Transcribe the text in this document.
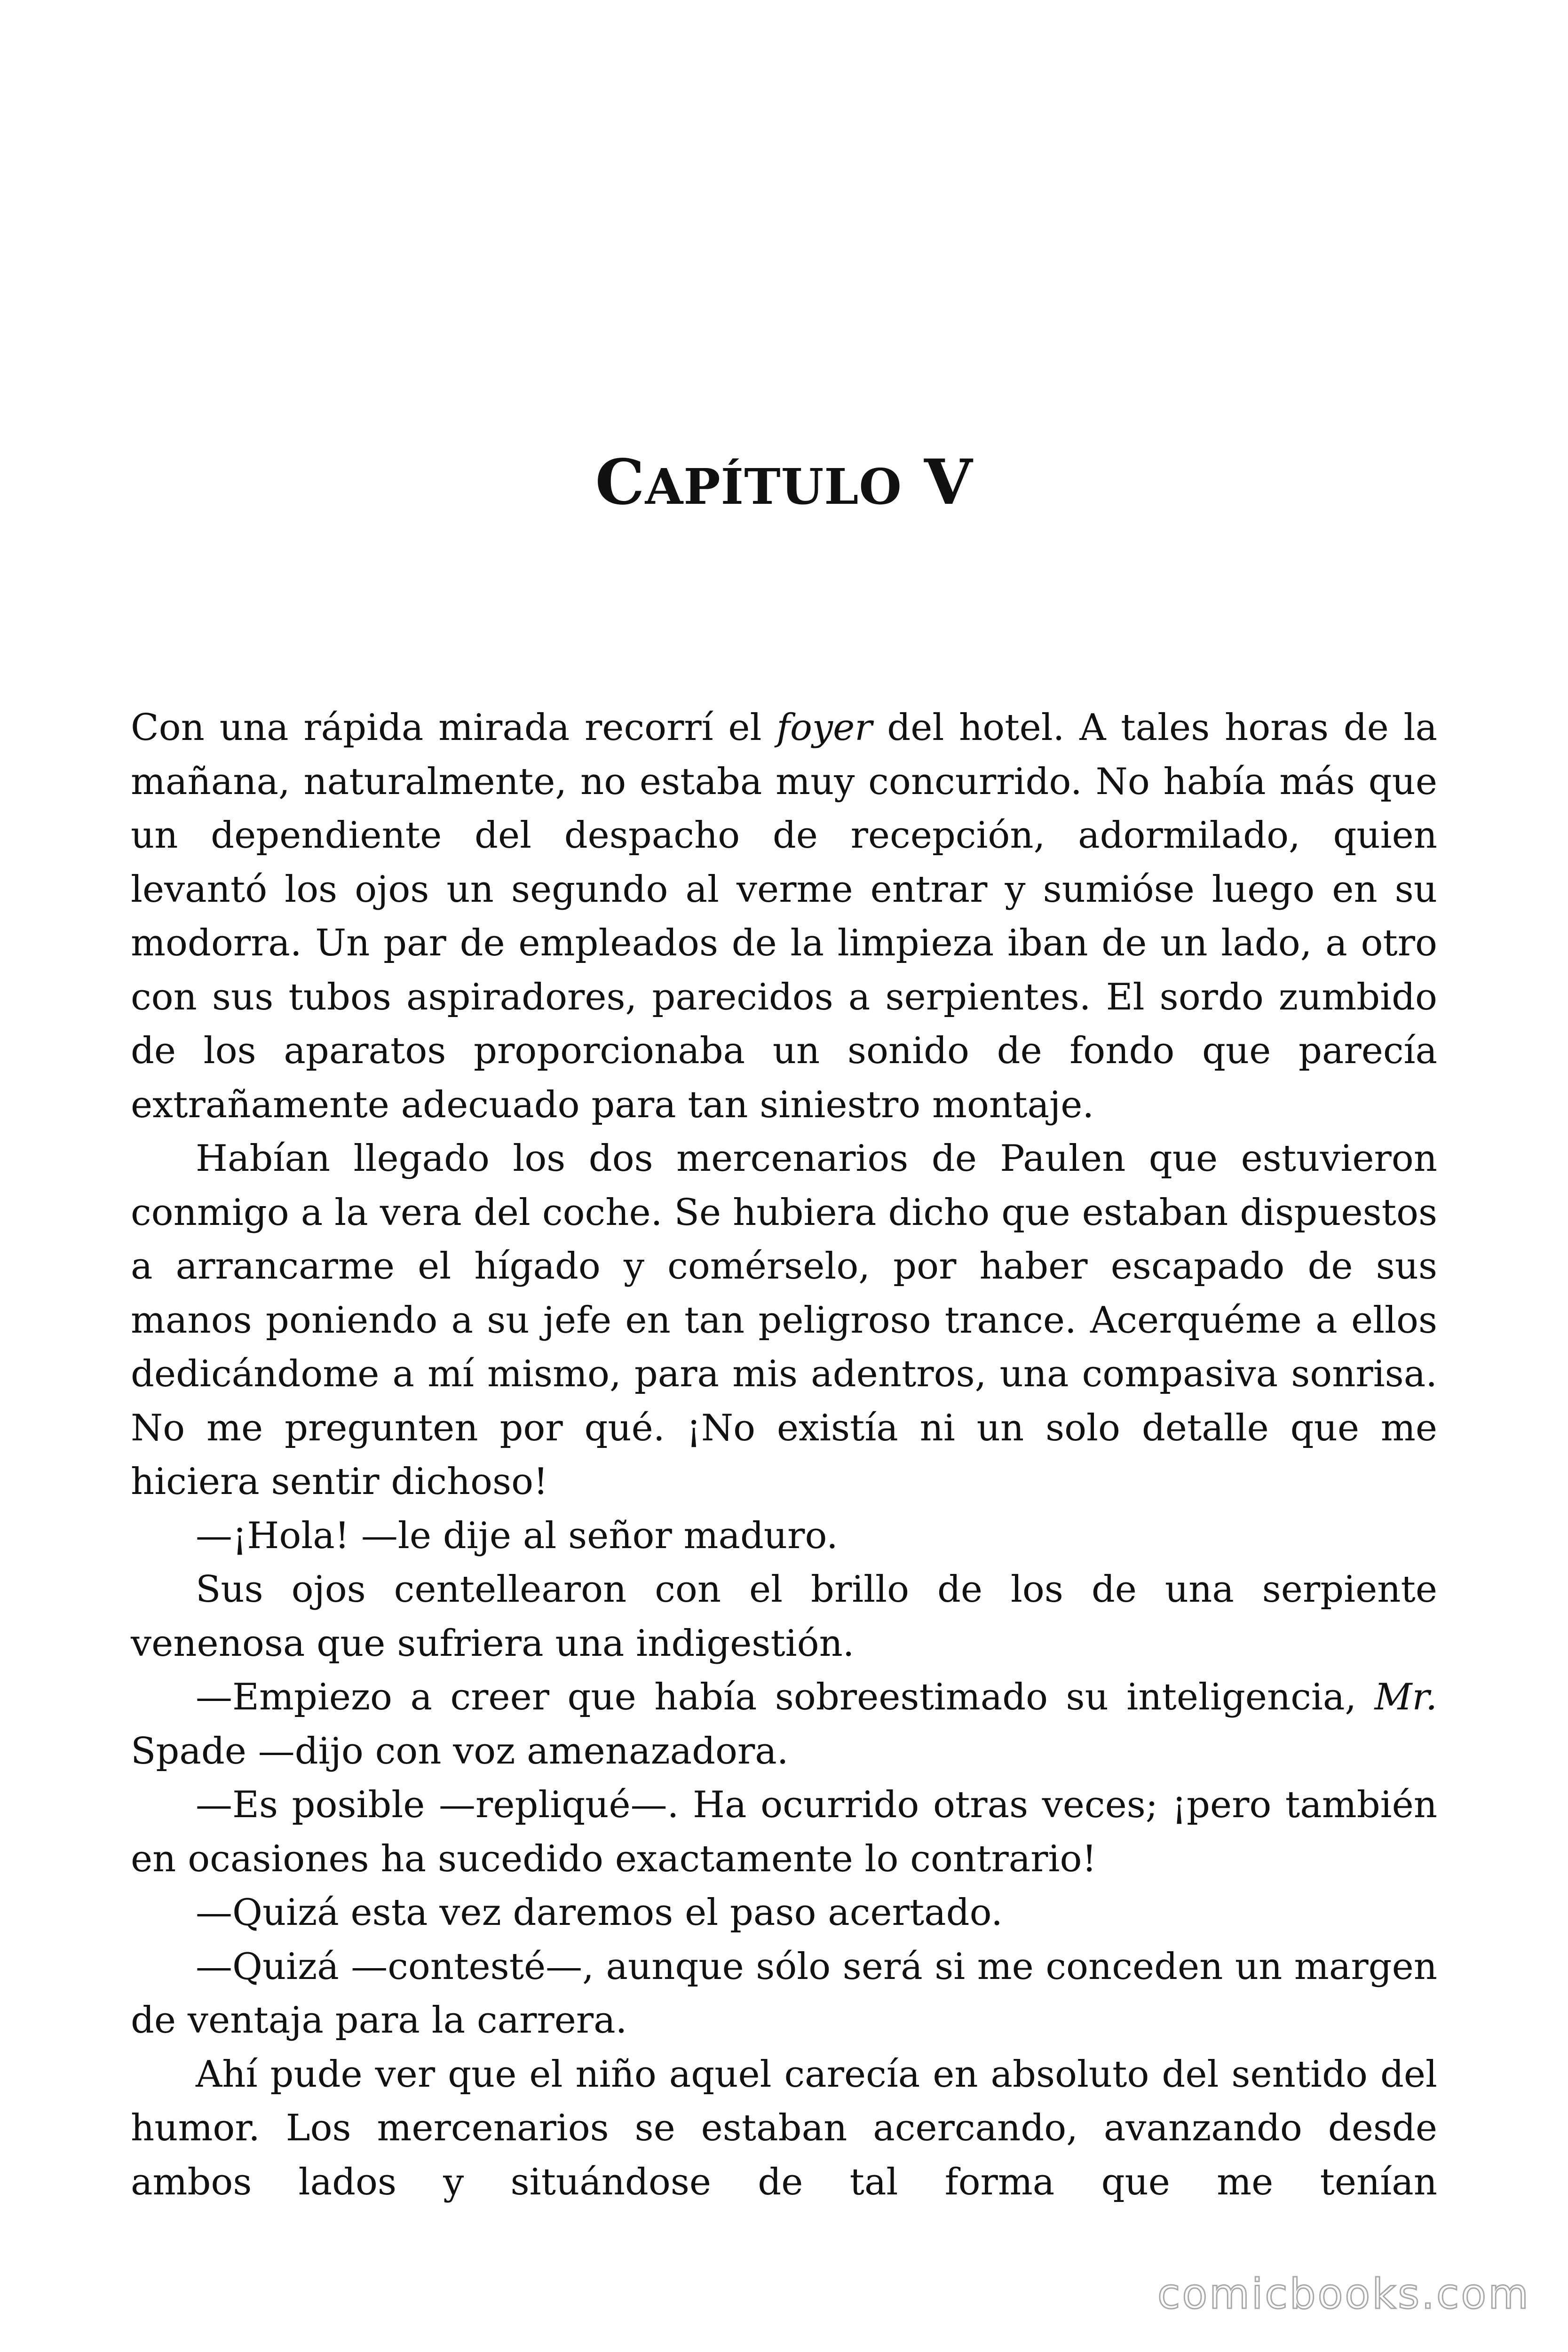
CAPÍTULO V

Con una rápida mirada recorrí el foyer del hotel. A tales horas de la mañana, naturalmente, no estaba muy concurrido. No había más que un dependiente del despacho de recepción, adormilado, quien levantó los ojos un segundo al verme entrar y sumióse luego en su modorra. Un par de empleados de la limpieza iban de un lado, a otro con sus tubos aspiradores, parecidos a serpientes. El sordo zumbido de los aparatos proporcionaba un sonido de fondo que parecía extrañamente adecuado para tan siniestro montaje.

Habían llegado los dos mercenarios de Paulen que estuvieron conmigo a la vera del coche. Se hubiera dicho que estaban dispuestos a arrancarme el hígado y comérselo, por haber escapado de sus manos poniendo a su jefe en tan peligroso trance. Acerquéme a ellos dedicándome a mí mismo, para mis adentros, una compasiva sonrisa. No me pregunten por qué. ¡No existía ni un solo detalle que me hiciera sentir dichoso!

—¡Hola! —le dije al señor maduro.

Sus ojos centellearon con el brillo de los de una serpiente venenosa que sufriera una indigestión.

—Empiezo a creer que había sobreestimado su inteligencia, Mr. Spade —dijo con voz amenazadora.

—Es posible —repliqué—. Ha ocurrido otras veces; ¡pero también en ocasiones ha sucedido exactamente lo contrario!

—Quizá esta vez daremos el paso acertado.

—Quizá —contesté—, aunque sólo será si me conceden un margen de ventaja para la carrera.

Ahí pude ver que el niño aquel carecía en absoluto del sentido del humor. Los mercenarios se estaban acercando, avanzando desde ambos lados y situándose de tal forma que me tenían

comicbooks.com
